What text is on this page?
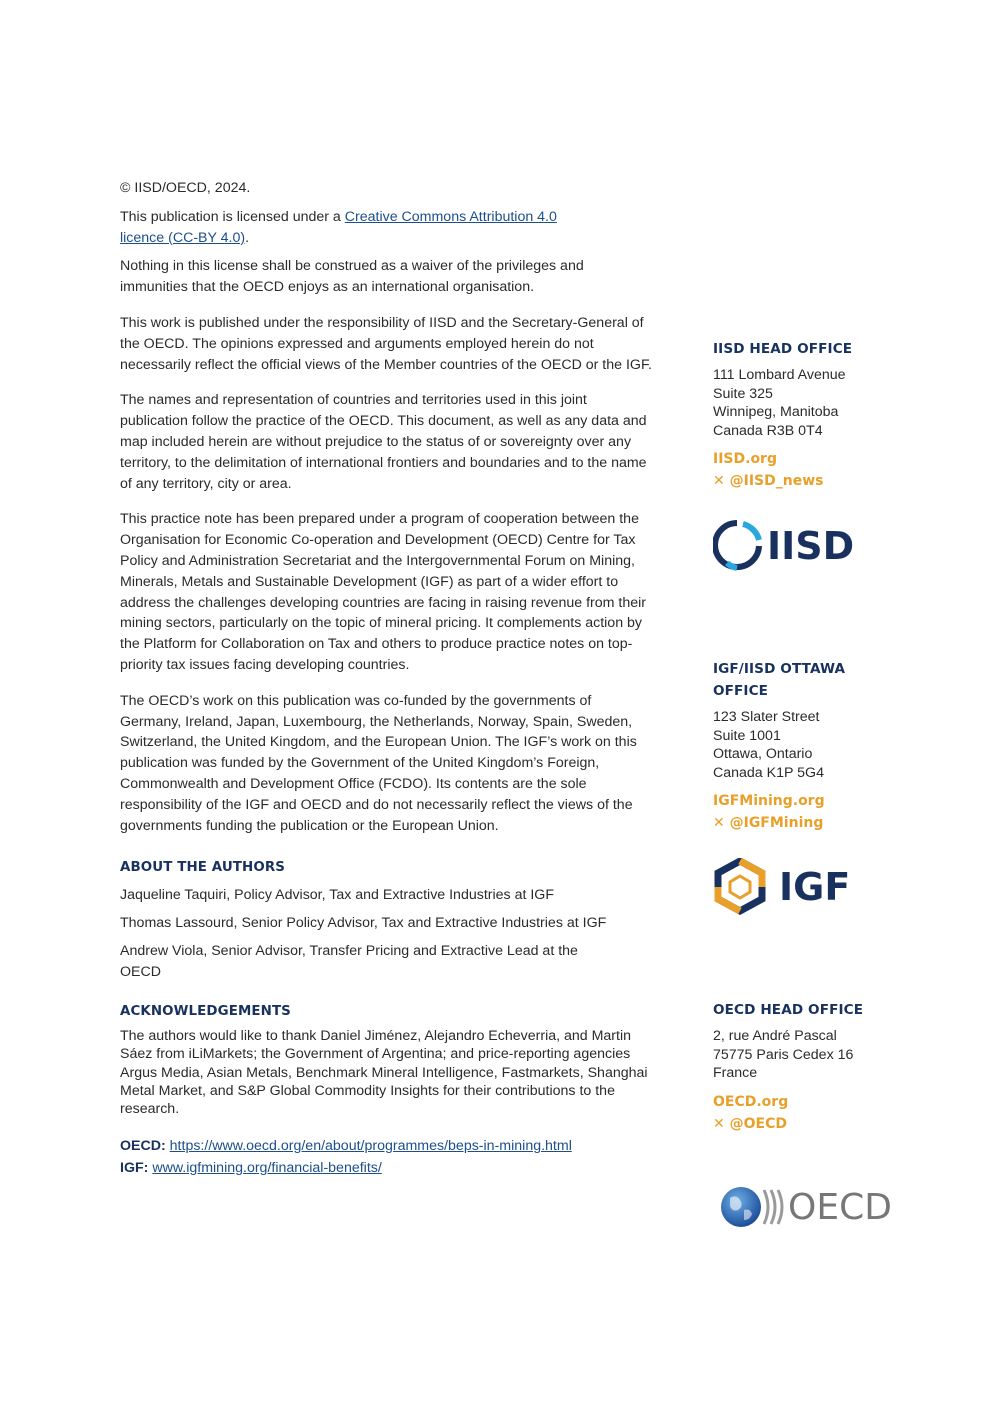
© IISD/OECD, 2024.

This publication is licensed under a Creative Commons Attribution 4.0
licence (CC-BY 4.0).

Nothing in this license shall be construed as a waiver of the privileges and immunities that the OECD enjoys as an international organisation.

This work is published under the responsibility of IISD and the Secretary-General of the OECD. The opinions expressed and arguments employed herein do not necessarily reflect the official views of the Member countries of the OECD or the IGF.

The names and representation of countries and territories used in this joint publication follow the practice of the OECD. This document, as well as any data and map included herein are without prejudice to the status of or sovereignty over any territory, to the delimitation of international frontiers and boundaries and to the name of any territory, city or area.

This practice note has been prepared under a program of cooperation between the Organisation for Economic Co-operation and Development (OECD) Centre for Tax Policy and Administration Secretariat and the Intergovernmental Forum on Mining, Minerals, Metals and Sustainable Development (IGF) as part of a wider effort to address the challenges developing countries are facing in raising revenue from their mining sectors, particularly on the topic of mineral pricing. It complements action by the Platform for Collaboration on Tax and others to produce practice notes on top-priority tax issues facing developing countries.

The OECD’s work on this publication was co-funded by the governments of Germany, Ireland, Japan, Luxembourg, the Netherlands, Norway, Spain, Sweden, Switzerland, the United Kingdom, and the European Union. The IGF’s work on this publication was funded by the Government of the United Kingdom’s Foreign, Commonwealth and Development Office (FCDO). Its contents are the sole responsibility of the IGF and OECD and do not necessarily reflect the views of the governments funding the publication or the European Union.

ABOUT THE AUTHORS

Jaqueline Taquiri, Policy Advisor, Tax and Extractive Industries at IGF

Thomas Lassourd, Senior Policy Advisor, Tax and Extractive Industries at IGF

Andrew Viola, Senior Advisor, Transfer Pricing and Extractive Lead at the OECD

ACKNOWLEDGEMENTS

The authors would like to thank Daniel Jiménez, Alejandro Echeverria, and Martin Sáez from iLiMarkets; the Government of Argentina; and price-reporting agencies Argus Media, Asian Metals, Benchmark Mineral Intelligence, Fastmarkets, Shanghai Metal Market, and S&P Global Commodity Insights for their contributions to the research.

OECD: https://www.oecd.org/en/about/programmes/beps-in-mining.html

IGF: www.igfmining.org/financial-benefits/

IISD HEAD OFFICE
111 Lombard Avenue
Suite 325
Winnipeg, Manitoba
Canada R3B 0T4
IISD.org
✕ @IISD_news
IISD
IGF/IISD OTTAWA
OFFICE
123 Slater Street
Suite 1001
Ottawa, Ontario
Canada K1P 5G4
IGFMining.org
✕ @IGFMining
IGF
OECD HEAD OFFICE
2, rue André Pascal
75775 Paris Cedex 16
France
OECD.org
✕ @OECD
OECD
